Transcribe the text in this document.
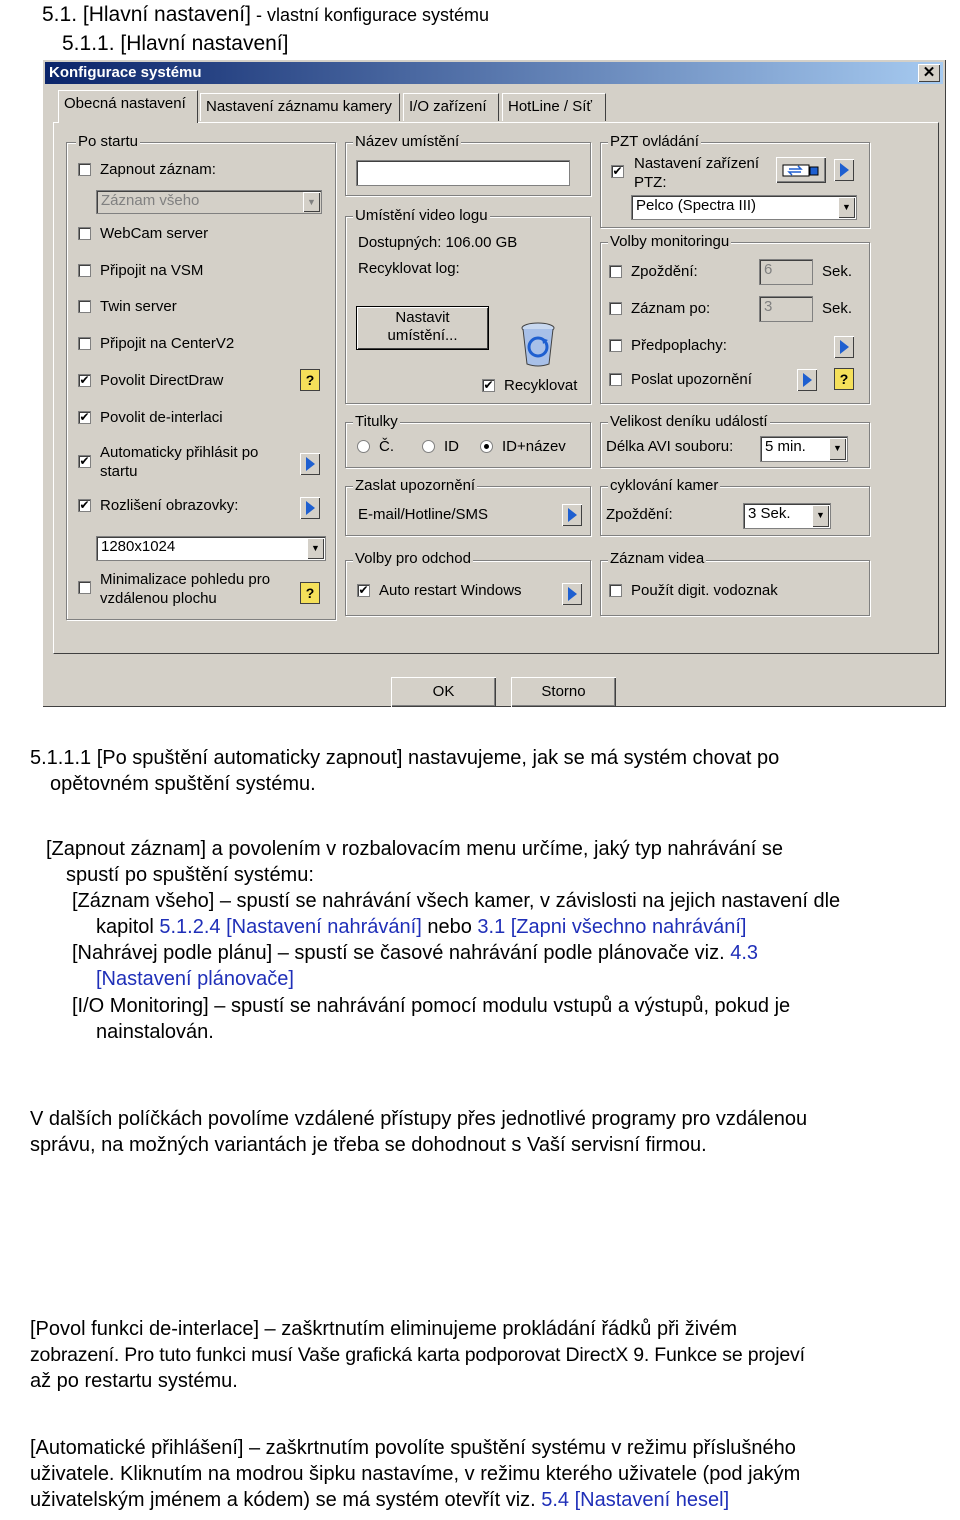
5.1. [Hlavní nastavení] - vlastní konfigurace systému
5.1.1. [Hlavní nastavení]
Konfigurace systému	✕
Obecná nastavení	Nastavení záznamu kamery	I/O zařízení	HotLine / Síť
Po startu
Zapnout záznam:
Záznam všeho	▼
WebCam server
Připojit na VSM
Twin server
Připojit na CenterV2
✔ Povolit DirectDraw	?
✔ Povolit de-interlaci
✔ Automaticky přihlásit po
startu
✔ Rozlišení obrazovky:
1280x1024	▼
Minimalizace pohledu pro
vzdálenou plochu	?
Název umístění
Umístění video logu
Dostupných: 106.00 GB
Recyklovat log:
Nastavit
umístění...
✔ Recyklovat
Titulky
Č.	ID	ID+název
Zaslat upozornění
E-mail/Hotline/SMS
Volby pro odchod
✔ Auto restart Windows
PZT ovládání
✔ Nastavení zařízení
PTZ:
Pelco (Spectra III)	▼
Volby monitoringu
Zpoždění:	6	Sek.
Záznam po:	3	Sek.
Předpoplachy:
Poslat upozornění	?
Velikost deníku událostí
Délka AVI souboru:	5 min.	▼
cyklování kamer
Zpoždění:	3 Sek.	▼
Záznam videa
Použít digit. vodoznak
OK	Storno
5.1.1.1 [Po spuštění automaticky zapnout] nastavujeme, jak se má systém chovat po
opětovném spuštění systému.
[Zapnout záznam] a povolením v rozbalovacím menu určíme, jaký typ nahrávání se
spustí po spuštění systému:
[Záznam všeho] – spustí se nahrávání všech kamer, v závislosti na jejich nastavení dle
kapitol 5.1.2.4 [Nastavení nahrávání] nebo 3.1 [Zapni všechno nahrávání]
[Nahrávej podle plánu] – spustí se časové nahrávání podle plánovače viz. 4.3
[Nastavení plánovače]
[I/O Monitoring] – spustí se nahrávání pomocí modulu vstupů a výstupů, pokud je
nainstalován.
V dalších políčkách povolíme vzdálené přístupy přes jednotlivé programy pro vzdálenou
správu, na možných variantách je třeba se dohodnout s Vaší servisní firmou.
[Povol funkci de-interlace] – zaškrtnutím eliminujeme prokládání řádků při živém
zobrazení. Pro tuto funkci musí Vaše grafická karta podporovat DirectX 9. Funkce se projeví
až po restartu systému.
[Automatické přihlášení] – zaškrtnutím povolíte spuštění systému v režimu příslušného
uživatele. Kliknutím na modrou šipku nastavíme, v režimu kterého uživatele (pod jakým
uživatelským jménem a kódem) se má systém otevřít viz. 5.4 [Nastavení hesel]
